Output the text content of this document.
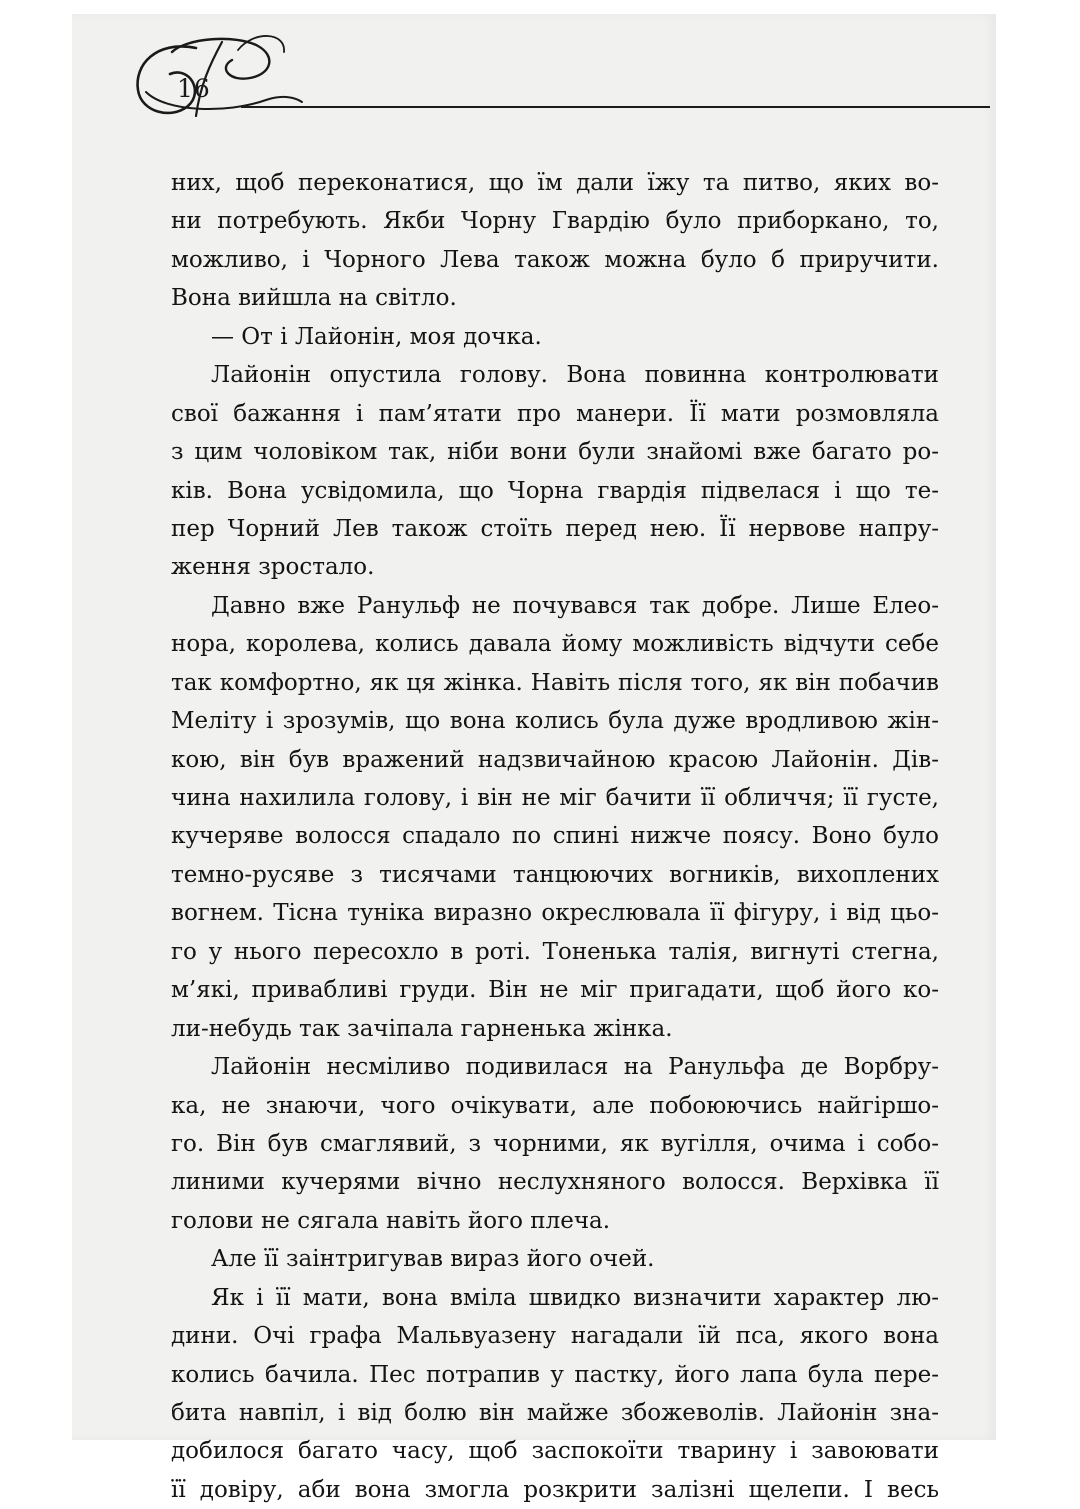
16
них, щоб переконатися, що їм дали їжу та питво, яких во-
ни потребують. Якби Чорну Гвардію було приборкано, то,
можливо, і Чорного Лева також можна було б приручити.
Вона вийшла на світло.
— От і Лайонін, моя дочка.
Лайонін опустила голову. Вона повинна контролювати
свої бажання і пам’ятати про манери. Її мати розмовляла
з цим чоловіком так, ніби вони були знайомі вже багато ро-
ків. Вона усвідомила, що Чорна гвардія підвелася і що те-
пер Чорний Лев також стоїть перед нею. Її нервове напру-
ження зростало.
Давно вже Ранульф не почувався так добре. Лише Елео-
нора, королева, колись давала йому можливість відчути себе
так комфортно, як ця жінка. Навіть після того, як він побачив
Меліту і зрозумів, що вона колись була дуже вродливою жін-
кою, він був вражений надзвичайною красою Лайонін. Дів-
чина нахилила голову, і він не міг бачити її обличчя; її густе,
кучеряве волосся спадало по спині нижче поясу. Воно було
темно-русяве з тисячами танцюючих вогників, вихоплених
вогнем. Тісна туніка виразно окреслювала її фігуру, і від цьо-
го у нього пересохло в роті. Тоненька талія, вигнуті стегна,
м’які, привабливі груди. Він не міг пригадати, щоб його ко-
ли-небудь так зачіпала гарненька жінка.
Лайонін несміливо подивилася на Ранульфа де Ворбру-
ка, не знаючи, чого очікувати, але побоюючись найгіршо-
го. Він був смаглявий, з чорними, як вугілля, очима і собо-
линими кучерями вічно неслухняного волосся. Верхівка її
голови не сягала навіть його плеча.
Але її заінтригував вираз його очей.
Як і її мати, вона вміла швидко визначити характер лю-
дини. Очі графа Мальвуазену нагадали їй пса, якого вона
колись бачила. Пес потрапив у пастку, його лапа була пере-
бита навпіл, і від болю він майже збожеволів. Лайонін зна-
добилося багато часу, щоб заспокоїти тварину і завоювати
її довіру, аби вона змогла розкрити залізні щелепи. І весь
